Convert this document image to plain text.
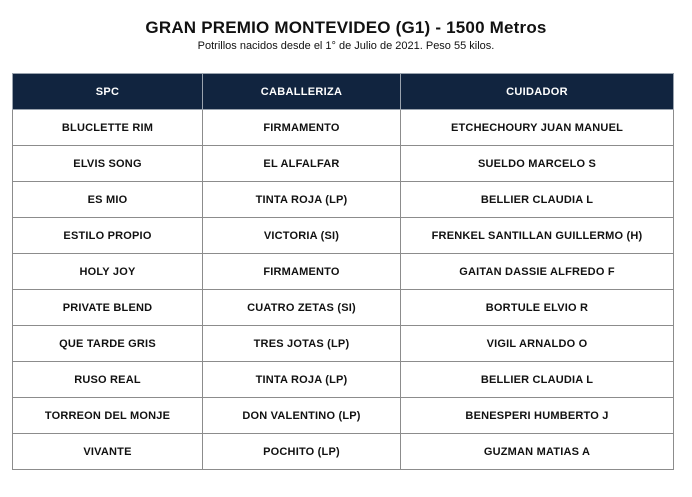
GRAN PREMIO MONTEVIDEO (G1) - 1500 Metros
Potrillos nacidos desde el 1° de Julio de 2021. Peso 55 kilos.
SPC	CABALLERIZA	CUIDADOR
BLUCLETTE RIM	FIRMAMENTO	ETCHECHOURY JUAN MANUEL
ELVIS SONG	EL ALFALFAR	SUELDO MARCELO S
ES MIO	TINTA ROJA (LP)	BELLIER CLAUDIA L
ESTILO PROPIO	VICTORIA (SI)	FRENKEL SANTILLAN GUILLERMO (H)
HOLY JOY	FIRMAMENTO	GAITAN DASSIE ALFREDO F
PRIVATE BLEND	CUATRO ZETAS (SI)	BORTULE ELVIO R
QUE TARDE GRIS	TRES JOTAS (LP)	VIGIL ARNALDO O
RUSO REAL	TINTA ROJA (LP)	BELLIER CLAUDIA L
TORREON DEL MONJE	DON VALENTINO (LP)	BENESPERI HUMBERTO J
VIVANTE	POCHITO (LP)	GUZMAN MATIAS A
